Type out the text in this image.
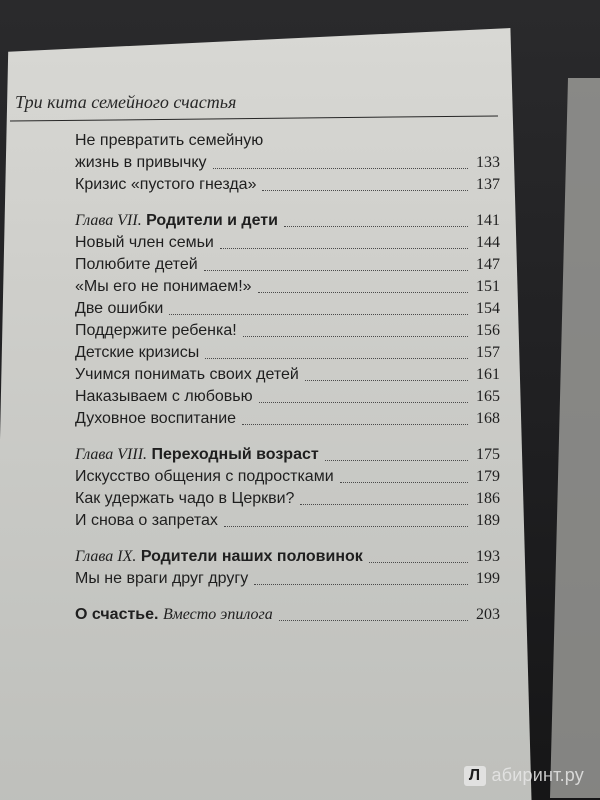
Три кита семейного счастья
Не превратить семейную
жизнь в привычку	133
Кризис «пустого гнезда»	137
Глава VII. Родители и дети	141
Новый член семьи	144
Полюбите детей	147
«Мы его не понимаем!»	151
Две ошибки	154
Поддержите ребенка!	156
Детские кризисы	157
Учимся понимать своих детей	161
Наказываем с любовью	165
Духовное воспитание	168
Глава VIII. Переходный возраст	175
Искусство общения с подростками	179
Как удержать чадо в Церкви?	186
И снова о запретах	189
Глава IX. Родители наших половинок	193
Мы не враги друг другу	199
О счастье. Вместо эпилога	203
Л абиринт.ру
